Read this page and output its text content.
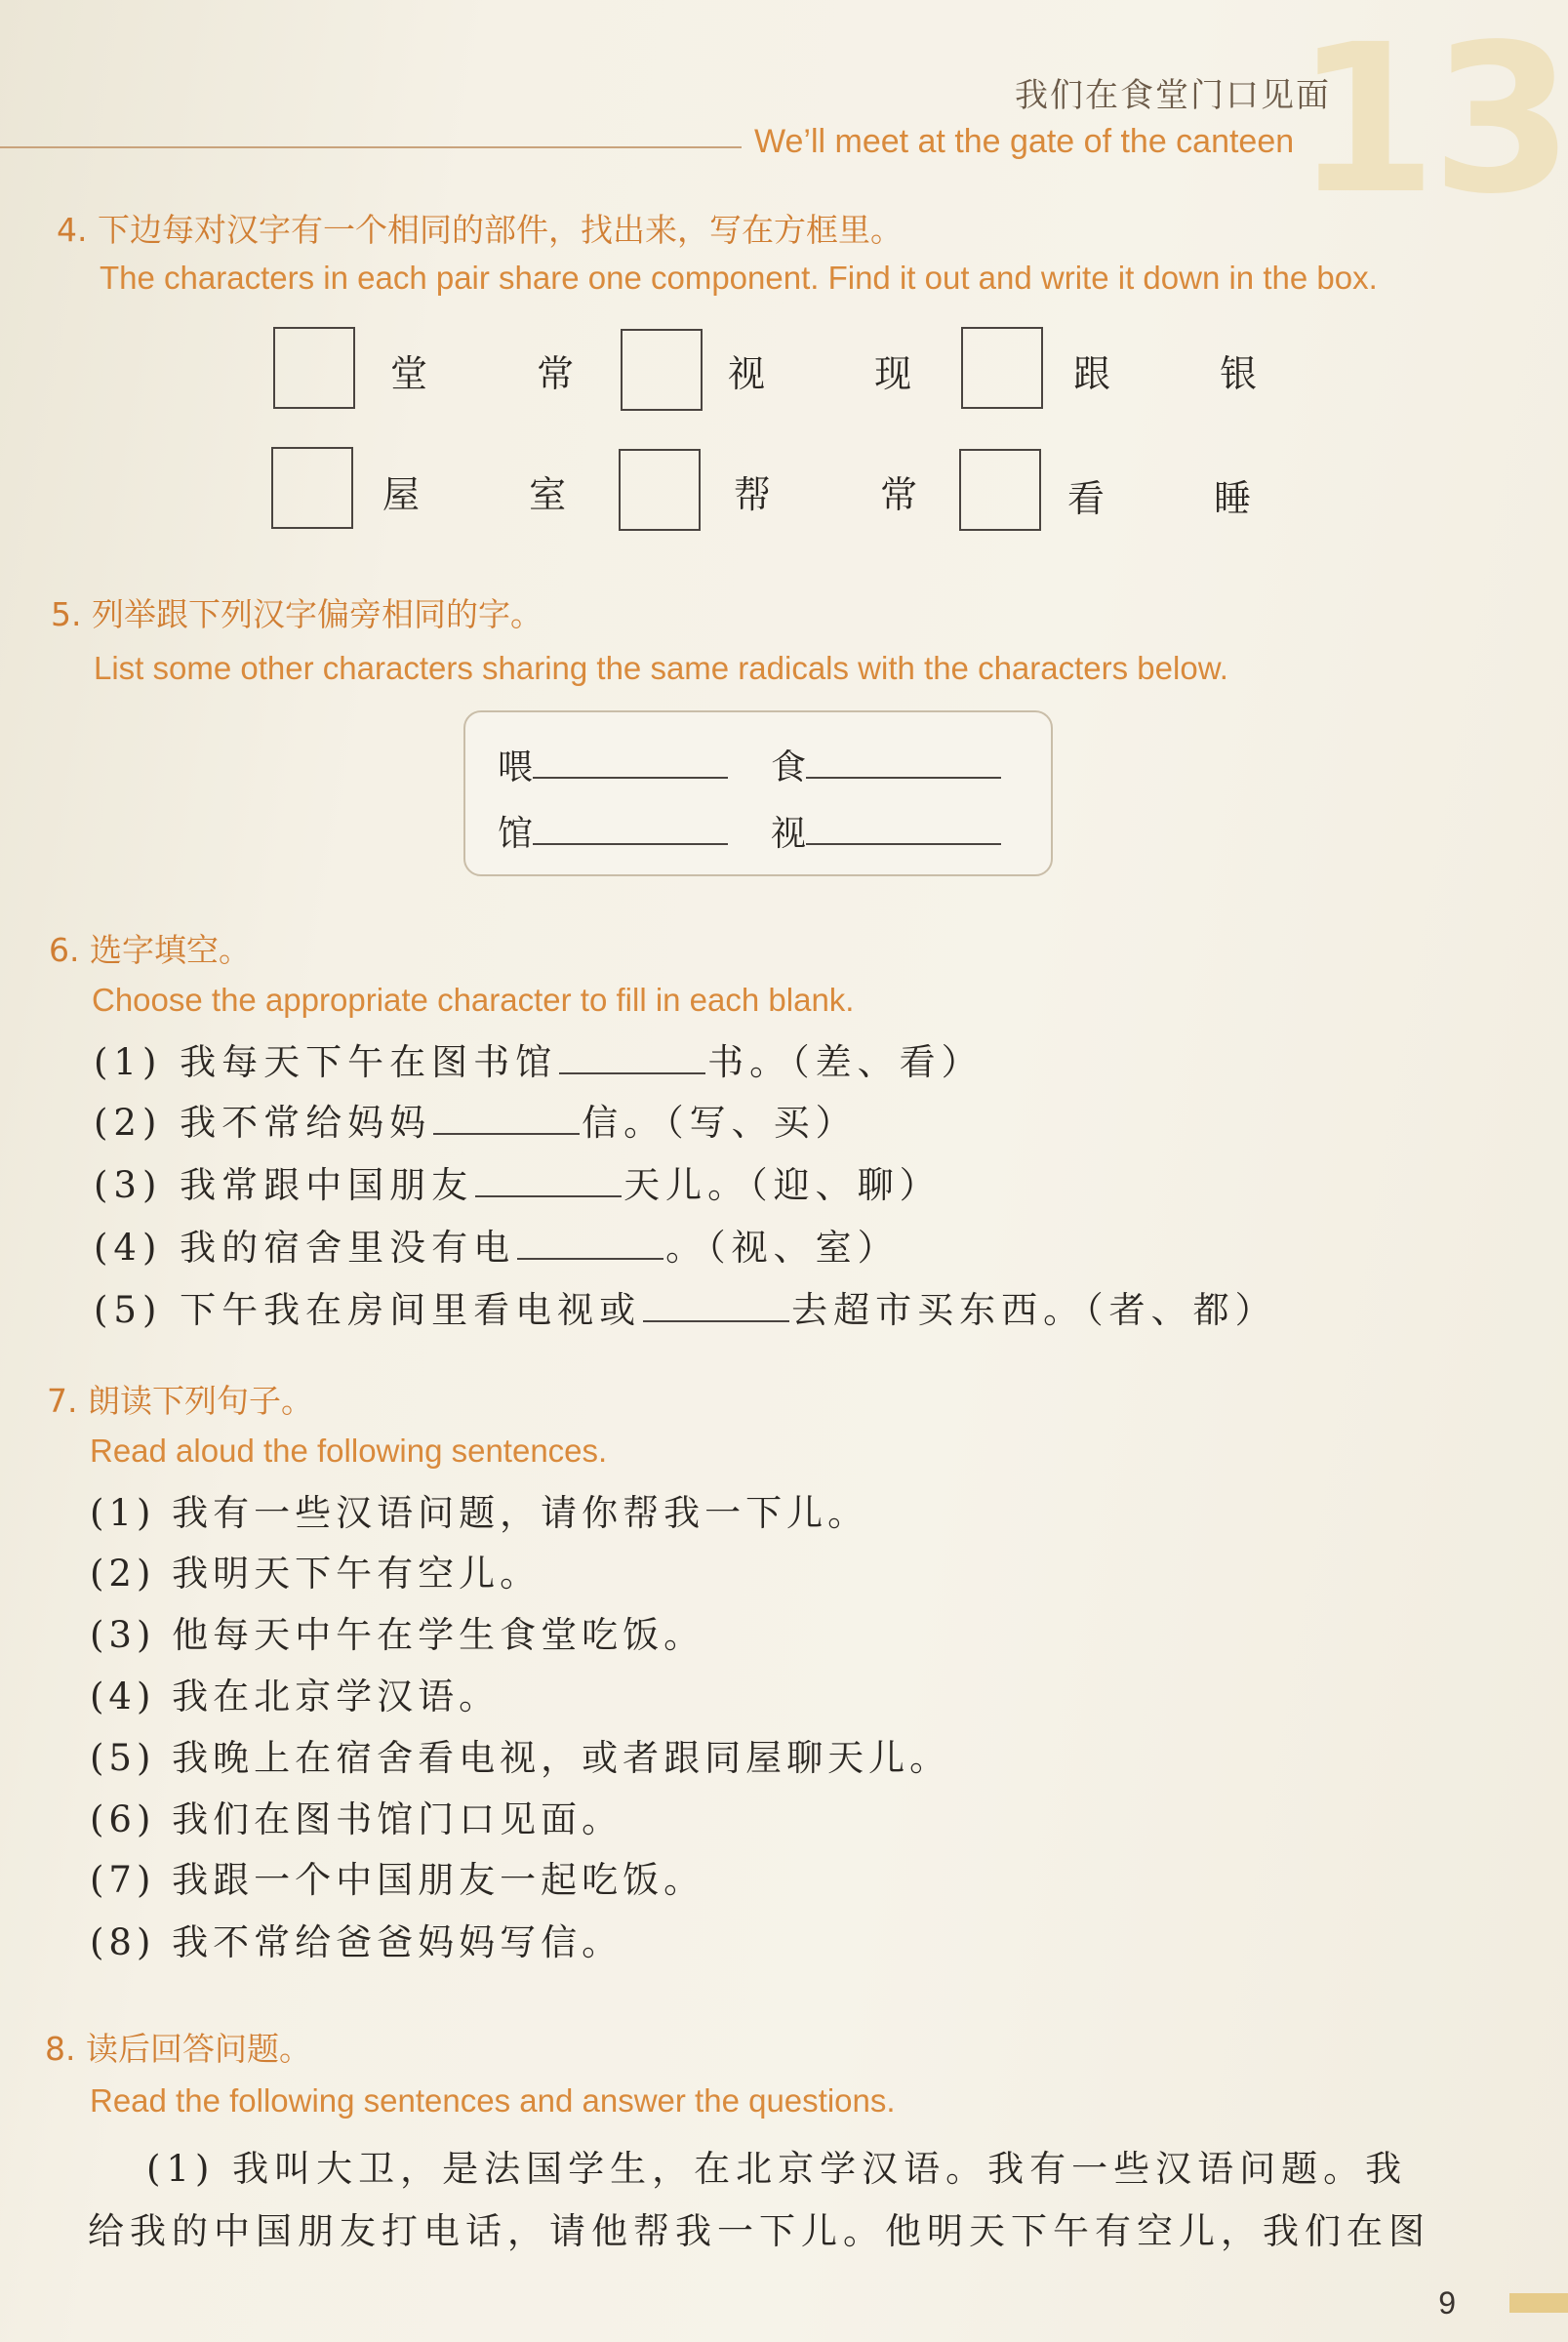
13
我们在食堂门口见面
We’ll meet at the gate of the canteen
4. 下边每对汉字有一个相同的部件，找出来，写在方框里。
The characters in each pair share one component. Find it out and write it down in the box.
堂 常	视 现	跟 银
屋 室	帮 常	看 睡
5. 列举跟下列汉字偏旁相同的字。
List some other characters sharing the same radicals with the characters below.
喂	食
馆	视
6. 选字填空。
Choose the appropriate character to fill in each blank.
(1) 我每天下午在图书馆	书。（差、看）
(2) 我不常给妈妈	信。（写、买）
(3) 我常跟中国朋友	天儿。（迎、聊）
(4) 我的宿舍里没有电	。（视、室）
(5) 下午我在房间里看电视或	去超市买东西。（者、都）
7. 朗读下列句子。
Read aloud the following sentences.
(1) 我有一些汉语问题，请你帮我一下儿。
(2) 我明天下午有空儿。
(3) 他每天中午在学生食堂吃饭。
(4) 我在北京学汉语。
(5) 我晚上在宿舍看电视，或者跟同屋聊天儿。
(6) 我们在图书馆门口见面。
(7) 我跟一个中国朋友一起吃饭。
(8) 我不常给爸爸妈妈写信。
8. 读后回答问题。
Read the following sentences and answer the questions.
(1) 我叫大卫，是法国学生，在北京学汉语。我有一些汉语问题。我
给我的中国朋友打电话，请他帮我一下儿。他明天下午有空儿，我们在图
9
